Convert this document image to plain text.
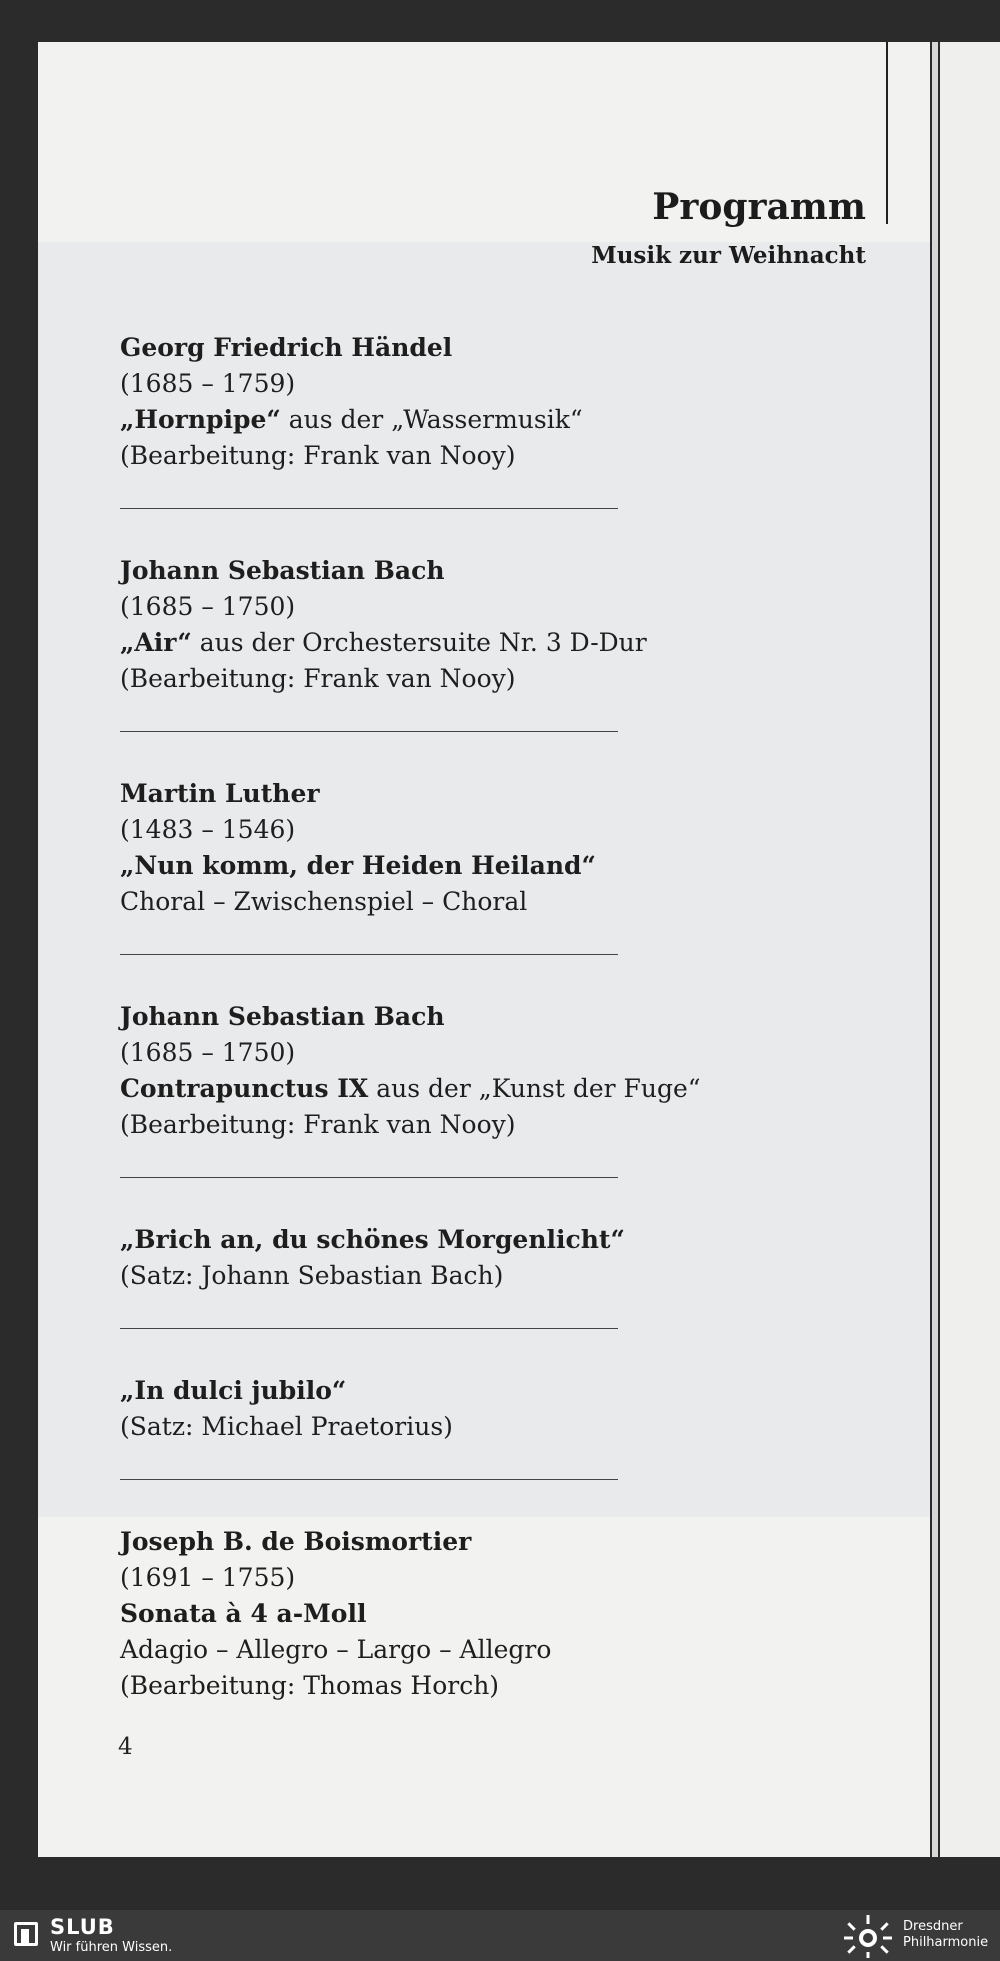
Programm
Musik zur Weihnacht
Georg Friedrich Händel
(1685 – 1759)
„Hornpipe“ aus der „Wassermusik“
(Bearbeitung: Frank van Nooy)
Johann Sebastian Bach
(1685 – 1750)
„Air“ aus der Orchestersuite Nr. 3 D-Dur
(Bearbeitung: Frank van Nooy)
Martin Luther
(1483 – 1546)
„Nun komm, der Heiden Heiland“
Choral – Zwischenspiel – Choral
Johann Sebastian Bach
(1685 – 1750)
Contrapunctus IX aus der „Kunst der Fuge“
(Bearbeitung: Frank van Nooy)
„Brich an, du schönes Morgenlicht“
(Satz: Johann Sebastian Bach)
„In dulci jubilo“
(Satz: Michael Praetorius)
Joseph B. de Boismortier
(1691 – 1755)
Sonata à 4 a-Moll
Adagio – Allegro – Largo – Allegro
(Bearbeitung: Thomas Horch)
4
SLUB
Wir führen Wissen.
Dresdner
Philharmonie
